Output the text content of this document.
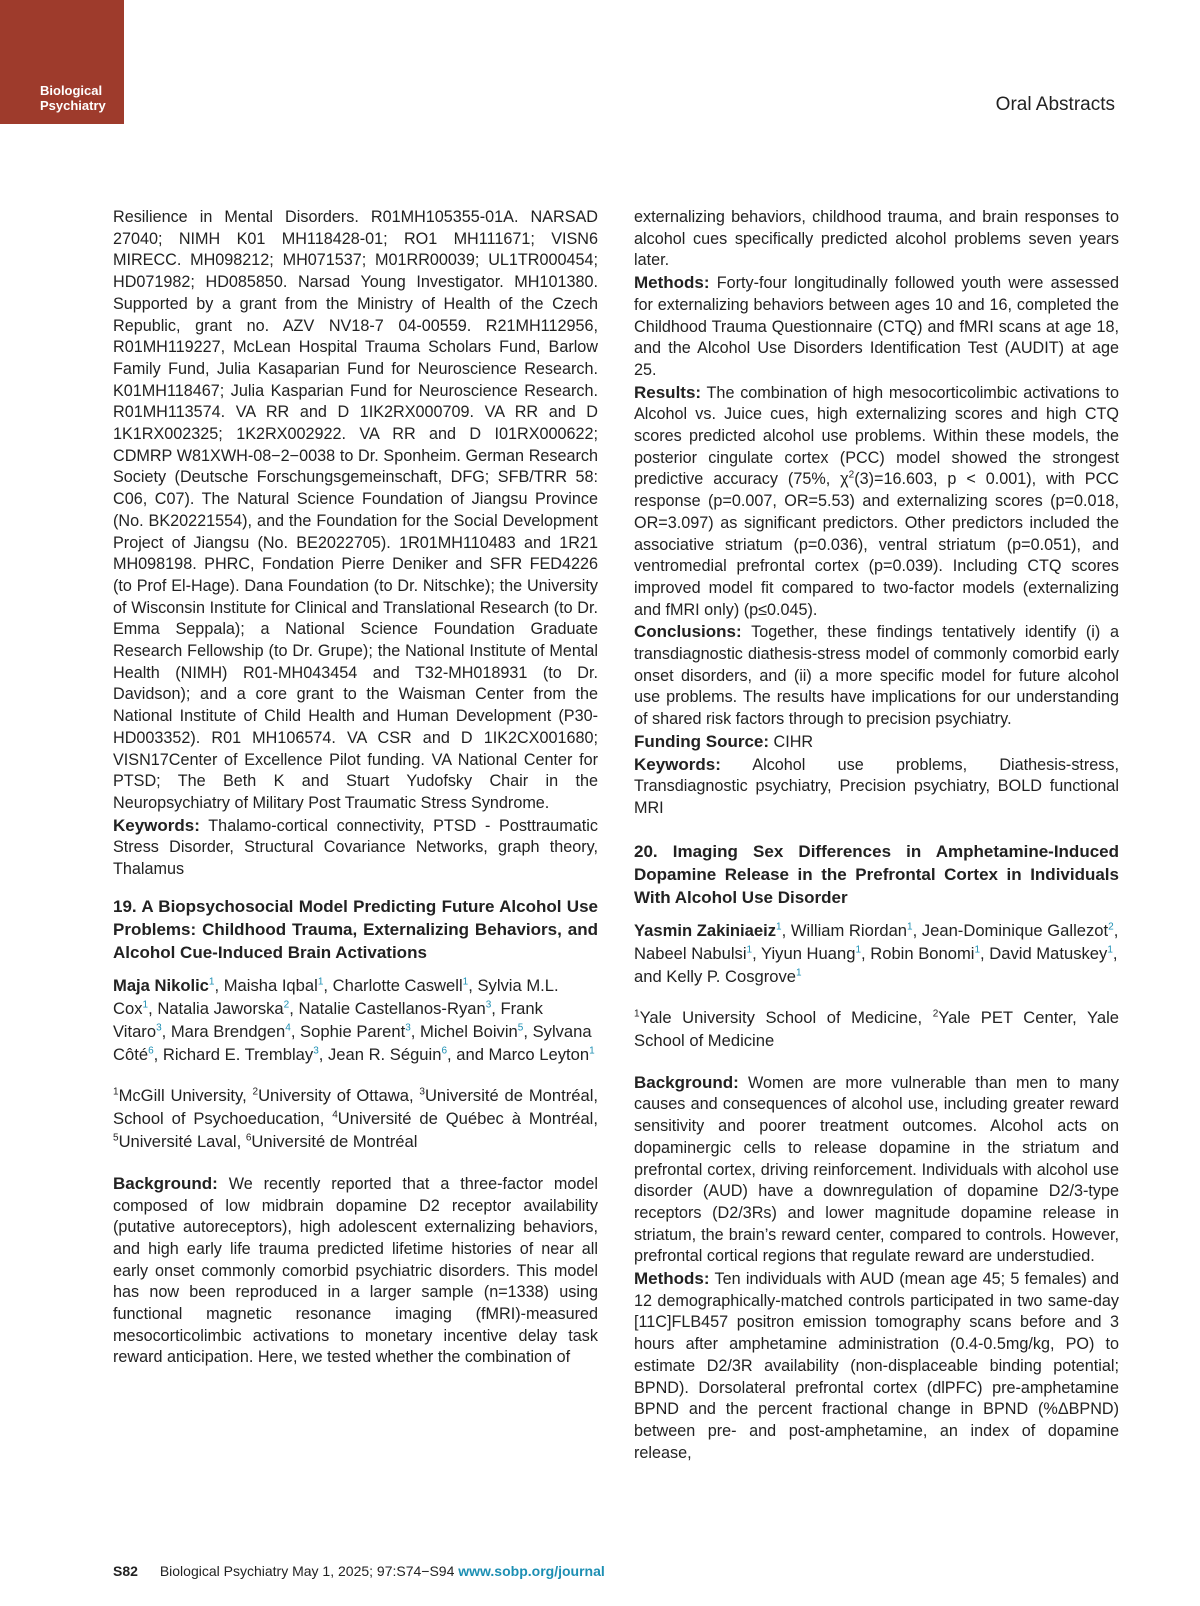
Biological Psychiatry	Oral Abstracts

Resilience in Mental Disorders. R01MH105355-01A. NARSAD 27040; NIMH K01 MH118428-01; RO1 MH111671; VISN6 MIRECC. MH098212; MH071537; M01RR00039; UL1TR000454; HD071982; HD085850. Narsad Young Investigator. MH101380. Supported by a grant from the Ministry of Health of the Czech Republic, grant no. AZV NV18-7 04-00559. R21MH112956, R01MH119227, McLean Hospital Trauma Scholars Fund, Barlow Family Fund, Julia Kasaparian Fund for Neuroscience Research. K01MH118467; Julia Kasparian Fund for Neuroscience Research. R01MH113574. VA RR and D 1IK2RX000709. VA RR and D 1K1RX002325; 1K2RX002922. VA RR and D I01RX000622; CDMRP W81XWH-08−2−0038 to Dr. Sponheim. German Research Society (Deutsche Forschungsgemeinschaft, DFG; SFB/TRR 58: C06, C07). The Natural Science Foundation of Jiangsu Province (No. BK20221554), and the Foundation for the Social Development Project of Jiangsu (No. BE2022705). 1R01MH110483 and 1R21 MH098198. PHRC, Fondation Pierre Deniker and SFR FED4226 (to Prof El-Hage). Dana Foundation (to Dr. Nitschke); the University of Wisconsin Institute for Clinical and Translational Research (to Dr. Emma Seppala); a National Science Foundation Graduate Research Fellowship (to Dr. Grupe); the National Institute of Mental Health (NIMH) R01-MH043454 and T32-MH018931 (to Dr. Davidson); and a core grant to the Waisman Center from the National Institute of Child Health and Human Development (P30-HD003352). R01 MH106574. VA CSR and D 1IK2CX001680; VISN17Center of Excellence Pilot funding. VA National Center for PTSD; The Beth K and Stuart Yudofsky Chair in the Neuropsychiatry of Military Post Traumatic Stress Syndrome.

Keywords: Thalamo-cortical connectivity, PTSD - Posttraumatic Stress Disorder, Structural Covariance Networks, graph theory, Thalamus

19. A Biopsychosocial Model Predicting Future Alcohol Use Problems: Childhood Trauma, Externalizing Behaviors, and Alcohol Cue-Induced Brain Activations

Maja Nikolic$^1$, Maisha Iqbal$^1$, Charlotte Caswell$^1$, Sylvia M.L. Cox$^1$, Natalia Jaworska$^2$, Natalie Castellanos-Ryan$^3$, Frank Vitaro$^3$, Mara Brendgen$^4$, Sophie Parent$^3$, Michel Boivin$^5$, Sylvana Côté$^6$, Richard E. Tremblay$^3$, Jean R. Séguin$^6$, and Marco Leyton$^1$

$^1$McGill University, $^2$University of Ottawa, $^3$Université de Montréal, School of Psychoeducation, $^4$Université de Québec à Montréal, $^5$Université Laval, $^6$Université de Montréal

Background: We recently reported that a three-factor model composed of low midbrain dopamine D2 receptor availability (putative autoreceptors), high adolescent externalizing behaviors, and high early life trauma predicted lifetime histories of near all early onset commonly comorbid psychiatric disorders. This model has now been reproduced in a larger sample (n=1338) using functional magnetic resonance imaging (fMRI)-measured mesocorticolimbic activations to monetary incentive delay task reward anticipation. Here, we tested whether the combination of

externalizing behaviors, childhood trauma, and brain responses to alcohol cues specifically predicted alcohol problems seven years later.

Methods: Forty-four longitudinally followed youth were assessed for externalizing behaviors between ages 10 and 16, completed the Childhood Trauma Questionnaire (CTQ) and fMRI scans at age 18, and the Alcohol Use Disorders Identification Test (AUDIT) at age 25.

Results: The combination of high mesocorticolimbic activations to Alcohol vs. Juice cues, high externalizing scores and high CTQ scores predicted alcohol use problems. Within these models, the posterior cingulate cortex (PCC) model showed the strongest predictive accuracy (75%, $\chi^2(3)=16.603$, p < 0.001), with PCC response (p=0.007, OR=5.53) and externalizing scores (p=0.018, OR=3.097) as significant predictors. Other predictors included the associative striatum (p=0.036), ventral striatum (p=0.051), and ventromedial prefrontal cortex (p=0.039). Including CTQ scores improved model fit compared to two-factor models (externalizing and fMRI only) (p≤0.045).

Conclusions: Together, these findings tentatively identify (i) a transdiagnostic diathesis-stress model of commonly comorbid early onset disorders, and (ii) a more specific model for future alcohol use problems. The results have implications for our understanding of shared risk factors through to precision psychiatry.

Funding Source: CIHR

Keywords: Alcohol use problems, Diathesis-stress, Transdiagnostic psychiatry, Precision psychiatry, BOLD functional MRI

20. Imaging Sex Differences in Amphetamine-Induced Dopamine Release in the Prefrontal Cortex in Individuals With Alcohol Use Disorder

Yasmin Zakiniaeiz$^1$, William Riordan$^1$, Jean-Dominique Gallezot$^2$, Nabeel Nabulsi$^1$, Yiyun Huang$^1$, Robin Bonomi$^1$, David Matuskey$^1$, and Kelly P. Cosgrove$^1$

$^1$Yale University School of Medicine, $^2$Yale PET Center, Yale School of Medicine

Background: Women are more vulnerable than men to many causes and consequences of alcohol use, including greater reward sensitivity and poorer treatment outcomes. Alcohol acts on dopaminergic cells to release dopamine in the striatum and prefrontal cortex, driving reinforcement. Individuals with alcohol use disorder (AUD) have a downregulation of dopamine D2/3-type receptors (D2/3Rs) and lower magnitude dopamine release in striatum, the brain’s reward center, compared to controls. However, prefrontal cortical regions that regulate reward are understudied.

Methods: Ten individuals with AUD (mean age 45; 5 females) and 12 demographically-matched controls participated in two same-day [11C]FLB457 positron emission tomography scans before and 3 hours after amphetamine administration (0.4-0.5mg/kg, PO) to estimate D2/3R availability (non-displaceable binding potential; BPND). Dorsolateral prefrontal cortex (dlPFC) pre-amphetamine BPND and the percent fractional change in BPND (%ΔBPND) between pre- and post-amphetamine, an index of dopamine release,

S82 Biological Psychiatry May 1, 2025; 97:S74−S94 www.sobp.org/journal
